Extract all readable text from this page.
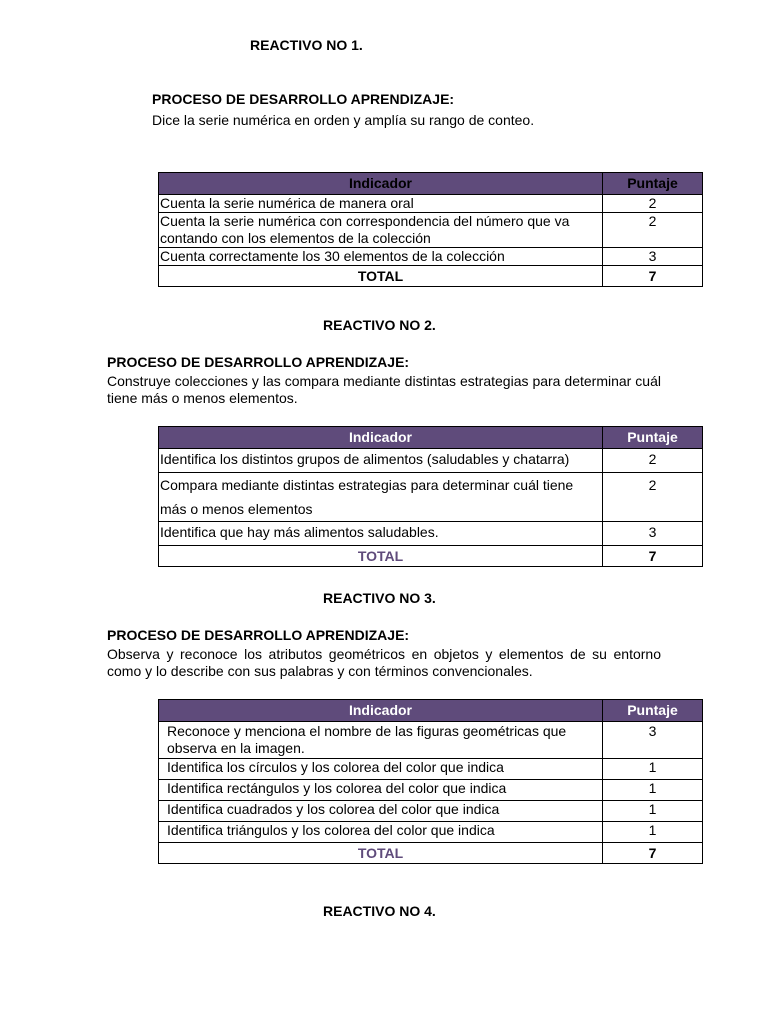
REACTIVO NO 1.
PROCESO DE DESARROLLO APRENDIZAJE:
Dice la serie numérica en orden y amplía su rango de conteo.
Indicador	Puntaje
Cuenta la serie numérica de manera oral	2
Cuenta la serie numérica con correspondencia del número que va contando con los elementos de la colección	2
Cuenta correctamente los 30 elementos de la colección	3
TOTAL	7
REACTIVO NO 2.
PROCESO DE DESARROLLO APRENDIZAJE:
Construye colecciones y las compara mediante distintas estrategias para determinar cuál tiene más o menos elementos.
Indicador	Puntaje
Identifica los distintos grupos de alimentos (saludables y chatarra)	2
Compara mediante distintas estrategias para determinar cuál tiene más o menos elementos	2
Identifica que hay más alimentos saludables.	3
TOTAL	7
REACTIVO NO 3.
PROCESO DE DESARROLLO APRENDIZAJE:
Observa y reconoce los atributos geométricos en objetos y elementos de su entorno como y lo describe con sus palabras y con términos convencionales.
Indicador	Puntaje
Reconoce y menciona el nombre de las figuras geométricas que observa en la imagen.	3
Identifica los círculos y los colorea del color que indica	1
Identifica rectángulos y los colorea del color que indica	1
Identifica cuadrados y los colorea del color que indica	1
Identifica triángulos y los colorea del color que indica	1
TOTAL	7
REACTIVO NO 4.
